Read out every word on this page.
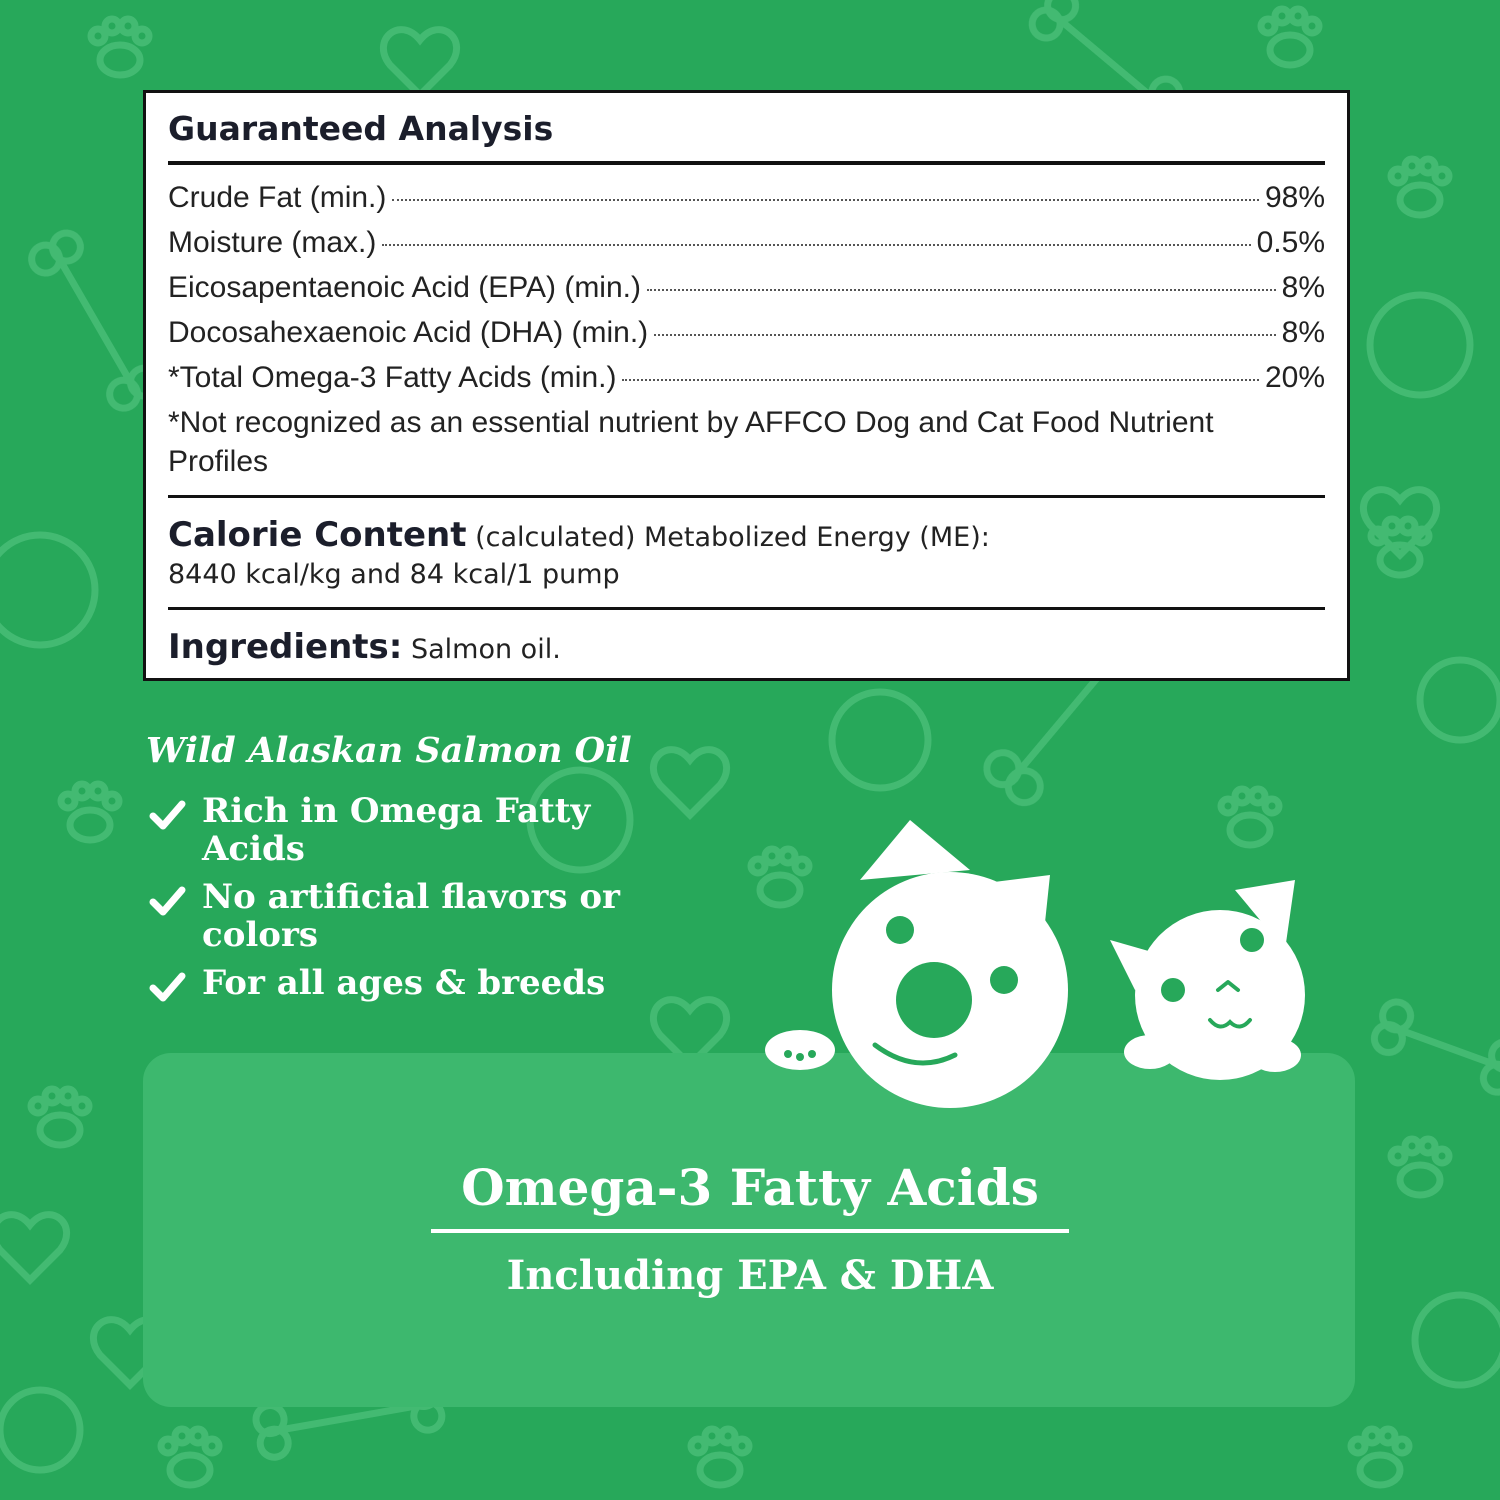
Guaranteed Analysis
Crude Fat (min.)	98%
Moisture (max.)	0.5%
Eicosapentaenoic Acid (EPA) (min.)	8%
Docosahexaenoic Acid (DHA) (min.)	8%
*Total Omega-3 Fatty Acids (min.)	20%
*Not recognized as an essential nutrient by AFFCO Dog and Cat Food Nutrient Profiles
Calorie Content (calculated) Metabolized Energy (ME):
8440 kcal/kg and 84 kcal/1 pump
Ingredients: Salmon oil.
Wild Alaskan Salmon Oil
Rich in Omega Fatty Acids
No artificial flavors or colors
For all ages & breeds
Omega-3 Fatty Acids
Including EPA & DHA
